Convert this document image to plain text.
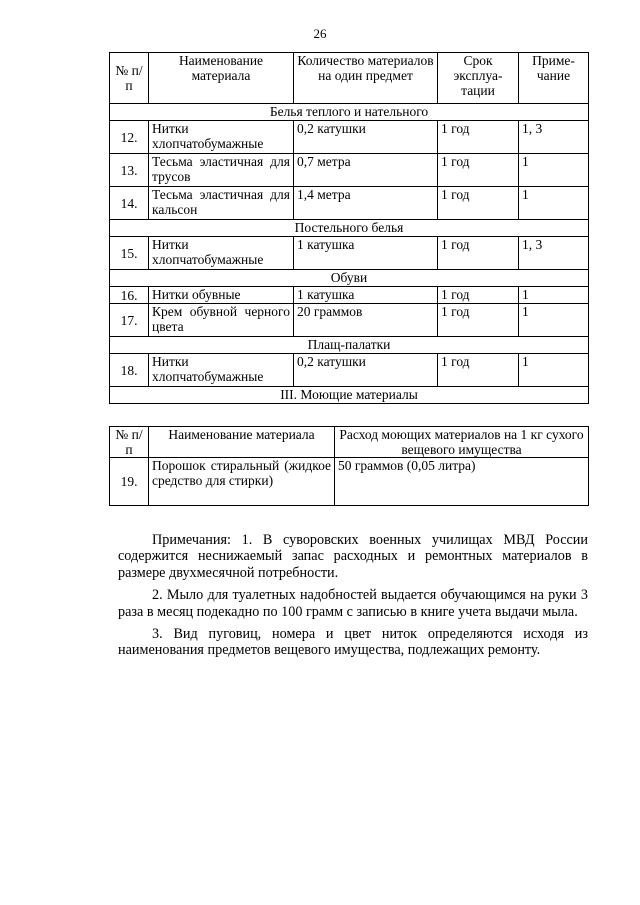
26
№ п/п	Наименование материала	Количество материалов на один предмет	Срок эксплуа-тации	Приме-чание
Белья теплого и нательного				
12.	Нитки хлопчатобумажные	0,2 катушки	1 год	1, 3
13.	Тесьма эластичная для трусов	0,7 метра	1 год	1
14.	Тесьма эластичная для кальсон	1,4 метра	1 год	1
Постельного белья				
15.	Нитки хлопчатобумажные	1 катушка	1 год	1, 3
Обуви				
16.	Нитки обувные	1 катушка	1 год	1
17.	Крем обувной черного цвета	20 граммов	1 год	1
Плащ-палатки				
18.	Нитки хлопчатобумажные	0,2 катушки	1 год	1
III. Моющие материалы				
№ п/п	Наименование материала	Расход моющих материалов на 1 кг сухого вещевого имущества
19.	Порошок стиральный (жидкое средство для стирки)	50 граммов (0,05 литра)

Примечания: 1. В суворовских военных училищах МВД России содержится неснижаемый запас расходных и ремонтных материалов в размере двухмесячной потребности.

2. Мыло для туалетных надобностей выдается обучающимся на руки 3 раза в месяц подекадно по 100 грамм с записью в книге учета выдачи мыла.

3. Вид пуговиц, номера и цвет ниток определяются исходя из наименования предметов вещевого имущества, подлежащих ремонту.
